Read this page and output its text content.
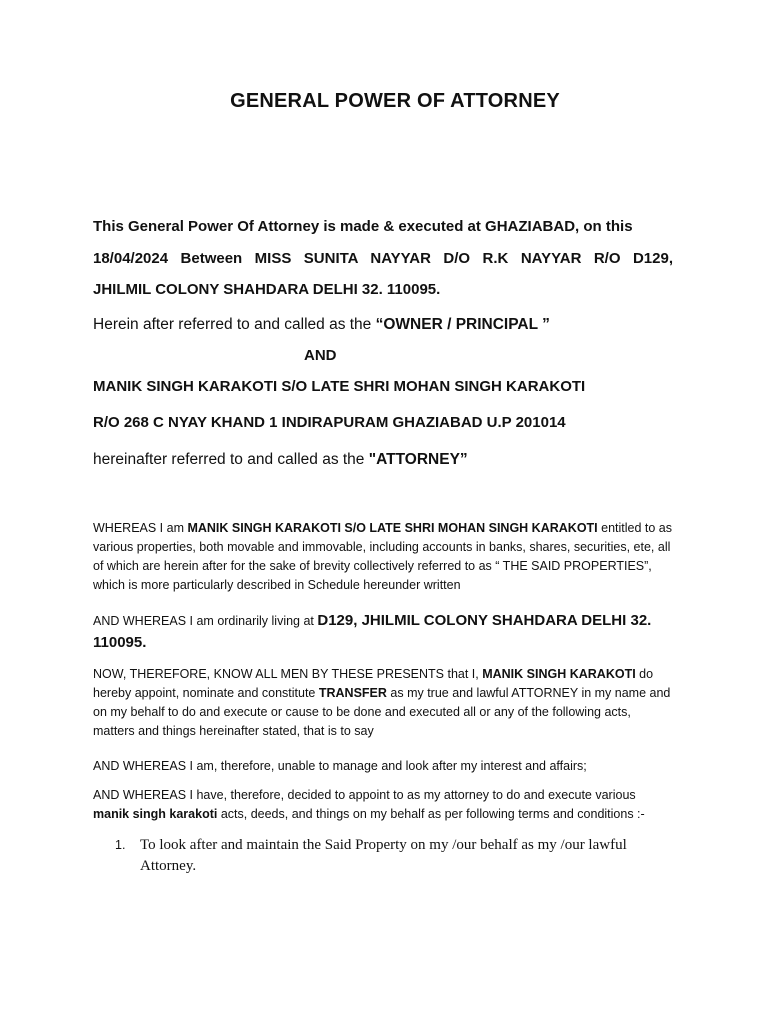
GENERAL POWER OF ATTORNEY
This General Power Of Attorney is made & executed at GHAZIABAD, on this
18/04/2024 Between MISS SUNITA NAYYAR D/O R.K NAYYAR R/O D129,
JHILMIL COLONY SHAHDARA DELHI 32. 110095.
Herein after referred to and called as the “OWNER / PRINCIPAL ”
AND
MANIK SINGH KARAKOTI S/O LATE SHRI MOHAN SINGH KARAKOTI
R/O 268 C NYAY KHAND 1 INDIRAPURAM GHAZIABAD U.P 201014
hereinafter referred to and called as the "ATTORNEY”

WHEREAS I am MANIK SINGH KARAKOTI S/O LATE SHRI MOHAN SINGH KARAKOTI entitled to as various properties, both movable and immovable, including accounts in banks, shares, securities, ete, all of which are herein after for the sake of brevity collectively referred to as “ THE SAID PROPERTIES”, which is more particularly described in Schedule hereunder written

AND WHEREAS I am ordinarily living at D129, JHILMIL COLONY SHAHDARA DELHI 32. 110095.

NOW, THEREFORE, KNOW ALL MEN BY THESE PRESENTS that I, MANIK SINGH KARAKOTI do hereby appoint, nominate and constitute TRANSFER as my true and lawful ATTORNEY in my name and on my behalf to do and execute or cause to be done and executed all or any of the following acts, matters and things hereinafter stated, that is to say

AND WHEREAS I am, therefore, unable to manage and look after my interest and affairs;

AND WHEREAS I have, therefore, decided to appoint to as my attorney to do and execute various manik singh karakoti acts, deeds, and things on my behalf as per following terms and conditions :-

1. To look after and maintain the Said Property on my /our behalf as my /our lawful Attorney.
